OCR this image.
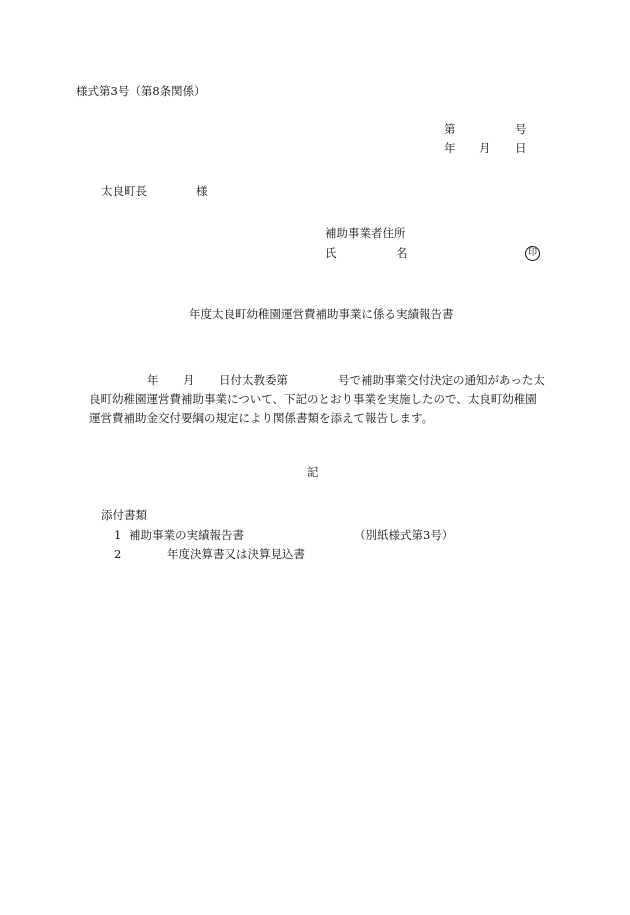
様式第3号（第8条関係）
第	号
年 月 日
太良町長	様
補助事業者住所
氏	名	印
年度太良町幼稚園運営費補助事業に係る実績報告書
年 月 日付太教委第	号で補助事業交付決定の通知があった太
良町幼稚園運営費補助事業について、下記のとおり事業を実施したので、太良町幼稚園
運営費補助金交付要綱の規定により関係書類を添えて報告します。
記
添付書類
1 補助事業の実績報告書	（別紙様式第3号）
2	年度決算書又は決算見込書
